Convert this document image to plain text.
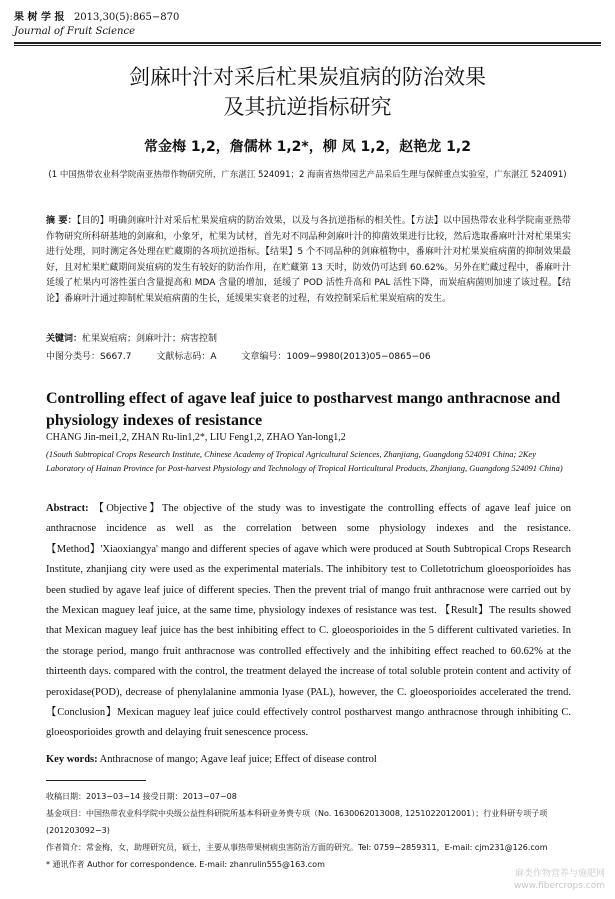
果 树 学 报 2013,30(5):865−870
Journal of Fruit Science
剑麻叶汁对采后杧果炭疽病的防治效果
及其抗逆指标研究
常金梅 1,2，詹儒林 1,2*，柳 凤 1,2，赵艳龙 1,2
(1 中国热带农业科学院南亚热带作物研究所，广东湛江 524091；2 海南省热带园艺产品采后生理与保鲜重点实验室，广东湛江 524091)
摘 要：【目的】明确剑麻叶汁对采后杧果炭疽病的防治效果，以及与各抗逆指标的相关性。【方法】以中国热带农业科学院南亚热带作物研究所科研基地的剑麻和，小象牙，杧果为试材，首先对不同品种剑麻叶汁的抑菌效果进行比较，然后选取番麻叶汁对杧果果实进行处理，同时测定各处理在贮藏期的各项抗逆指标。【结果】5 个不同品种的剑麻植物中，番麻叶汁对杧果炭疽病菌的抑制效果最好，且对杧果贮藏期间炭疽病的发生有较好的防治作用，在贮藏第 13 天时，防效仍可达到 60.62%。另外在贮藏过程中，番麻叶汁延缓了杧果内可溶性蛋白含量提高和 MDA 含量的增加，延缓了 POD 活性升高和 PAL 活性下降，而炭疽病菌则加速了该过程。【结论】番麻叶汁通过抑制杧果炭疽病菌的生长，延缓果实衰老的过程，有效控制采后杧果炭疽病的发生。
关键词：杧果炭疽病；剑麻叶汁；病害控制
中图分类号：S667.7	文献标志码：A	文章编号：1009−9980(2013)05−0865−06
Controlling effect of agave leaf juice to postharvest mango anthracnose and physiology indexes of resistance
CHANG Jin-mei1,2, ZHAN Ru-lin1,2*, LIU Feng1,2, ZHAO Yan-long1,2
(1South Subtropical Crops Research Institute, Chinese Academy of Tropical Agricultural Sciences, Zhanjiang, Guangdong 524091 China; 2Key Laboratory of Hainan Province for Post-harvest Physiology and Technology of Tropical Horticultural Products, Zhanjiang, Guangdong 524091 China)
Abstract: 【Objective】The objective of the study was to investigate the controlling effects of agave leaf juice on anthracnose incidence as well as the correlation between some physiology indexes and the resistance. 【Method】'Xiaoxiangya' mango and different species of agave which were produced at South Subtropical Crops Research Institute, zhanjiang city were used as the experimental materials. The inhibitory test to Colletotrichum gloeosporioides has been studied by agave leaf juice of different species. Then the prevent trial of mango fruit anthracnose were carried out by the Mexican maguey leaf juice, at the same time, physiology indexes of resistance was test. 【Result】The results showed that Mexican maguey leaf juice has the best inhibiting effect to C. gloeosporioides in the 5 different cultivated varieties. In the storage period, mango fruit anthracnose was controlled effectively and the inhibiting effect reached to 60.62% at the thirteenth days. compared with the control, the treatment delayed the increase of total soluble protein content and activity of peroxidase(POD), decrease of phenylalanine ammonia lyase (PAL), however, the C. gloeosporioides accelerated the trend. 【Conclusion】Mexican maguey leaf juice could effectively control postharvest mango anthracnose through inhibiting C. gloeosporioides growth and delaying fruit senescence process.
Key words: Anthracnose of mango; Agave leaf juice; Effect of disease control

收稿日期：2013−03−14 接受日期：2013−07−08

基金项目：中国热带农业科学院中央级公益性科研院所基本科研业务费专项（No. 1630062013008, 1251022012001）；行业科研专项子项(201203092−3)

作者简介：常金梅，女，助理研究员，硕士，主要从事热带果树病虫害防治方面的研究。Tel: 0759−2859311，E-mail: cjm231@126.com

* 通讯作者 Author for correspondence. E-mail: zhanrulin555@163.com

麻类作物营养与施肥网
www.fibercrops.com
